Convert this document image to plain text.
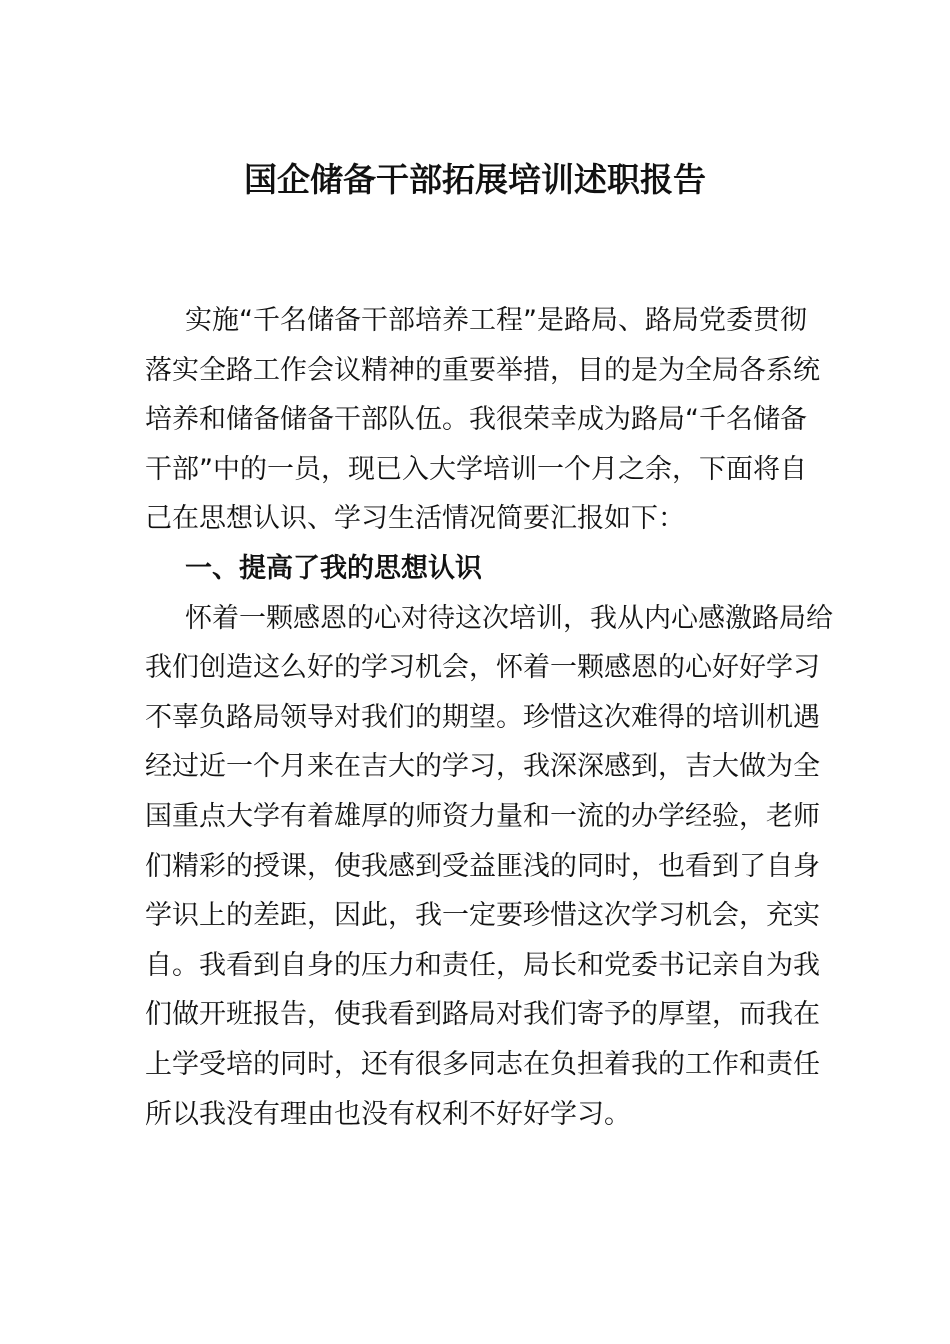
国企储备干部拓展培训述职报告
实施“千名储备干部培养工程”是路局、路局党委贯彻
落实全路工作会议精神的重要举措，目的是为全局各系统
培养和储备储备干部队伍。我很荣幸成为路局“千名储备
干部”中的一员，现已入大学培训一个月之余，下面将自
己在思想认识、学习生活情况简要汇报如下：
一、提高了我的思想认识
怀着一颗感恩的心对待这次培训，我从内心感激路局给
我们创造这么好的学习机会，怀着一颗感恩的心好好学习
不辜负路局领导对我们的期望。珍惜这次难得的培训机遇
经过近一个月来在吉大的学习，我深深感到，吉大做为全
国重点大学有着雄厚的师资力量和一流的办学经验，老师
们精彩的授课，使我感到受益匪浅的同时，也看到了自身
学识上的差距，因此，我一定要珍惜这次学习机会，充实
自。我看到自身的压力和责任，局长和党委书记亲自为我
们做开班报告，使我看到路局对我们寄予的厚望，而我在
上学受培的同时，还有很多同志在负担着我的工作和责任
所以我没有理由也没有权利不好好学习。
